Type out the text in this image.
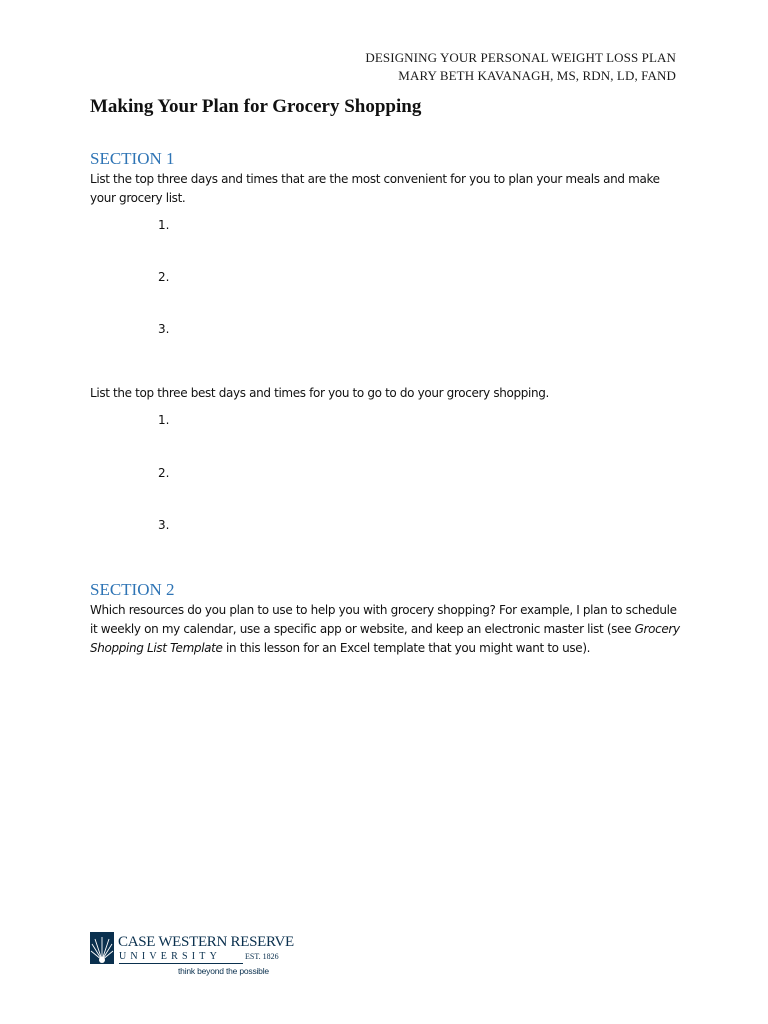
DESIGNING YOUR PERSONAL WEIGHT LOSS PLAN
MARY BETH KAVANAGH, MS, RDN, LD, FAND
Making Your Plan for Grocery Shopping
SECTION 1

List the top three days and times that are the most convenient for you to plan your meals and make your grocery list.

1.
2.
3.

List the top three best days and times for you to go to do your grocery shopping.

1.
2.
3.
SECTION 2

Which resources do you plan to use to help you with grocery shopping? For example, I plan to schedule it weekly on my calendar, use a specific app or website, and keep an electronic master list (see Grocery Shopping List Template in this lesson for an Excel template that you might want to use).

CASE WESTERN RESERVE
UNIVERSITY	EST. 1826
think beyond the possible
